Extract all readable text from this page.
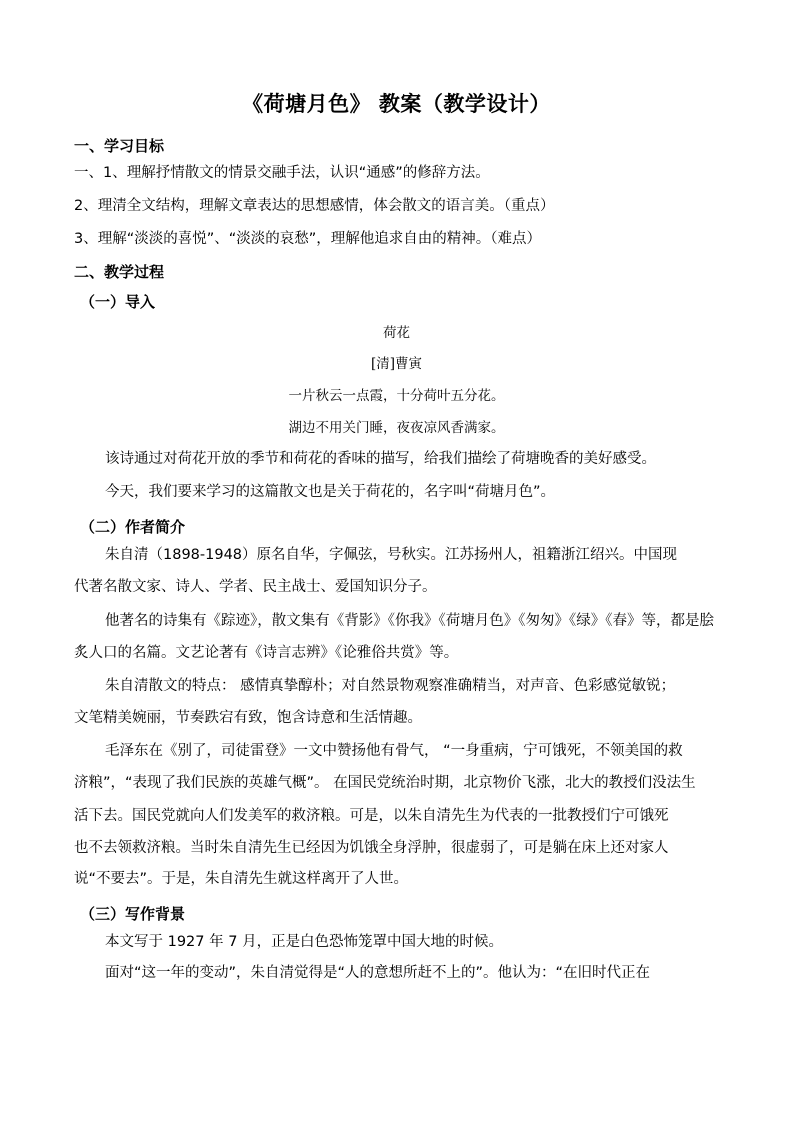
《荷塘月色》 教案（教学设计）
一、学习目标
一、1、理解抒情散文的情景交融手法，认识“通感”的修辞方法。
2、理清全文结构，理解文章表达的思想感情，体会散文的语言美。（重点）
3、理解“淡淡的喜悦”、“淡淡的哀愁”，理解他追求自由的精神。（难点）
二、教学过程
（一）导入
荷花
[清]曹寅
一片秋云一点霞，十分荷叶五分花。
湖边不用关门睡，夜夜凉风香满家。
该诗通过对荷花开放的季节和荷花的香味的描写，给我们描绘了荷塘晚香的美好感受。
今天，我们要来学习的这篇散文也是关于荷花的，名字叫“荷塘月色”。
（二）作者简介
朱自清（1898-1948）原名自华，字佩弦，号秋实。江苏扬州人，祖籍浙江绍兴。中国现
代著名散文家、诗人、学者、民主战士、爱国知识分子。
他著名的诗集有《踪迹》，散文集有《背影》《你我》《荷塘月色》《匆匆》《绿》《春》等，都是脍
炙人口的名篇。文艺论著有《诗言志辨》《论雅俗共赏》等。
朱自清散文的特点： 感情真挚醇朴；对自然景物观察准确精当，对声音、色彩感觉敏锐；
文笔精美婉丽，节奏跌宕有致，饱含诗意和生活情趣。
毛泽东在《别了，司徒雷登》一文中赞扬他有骨气， “一身重病，宁可饿死，不领美国的救
济粮”，“表现了我们民族的英雄气概”。 在国民党统治时期，北京物价飞涨，北大的教授们没法生
活下去。国民党就向人们发美军的救济粮。可是，以朱自清先生为代表的一批教授们宁可饿死
也不去领救济粮。当时朱自清先生已经因为饥饿全身浮肿，很虚弱了，可是躺在床上还对家人
说“不要去”。于是，朱自清先生就这样离开了人世。
（三）写作背景
本文写于 1927 年 7 月，正是白色恐怖笼罩中国大地的时候。
面对“这一年的变动”，朱自清觉得是“人的意想所赶不上的”。他认为：“在旧时代正在
